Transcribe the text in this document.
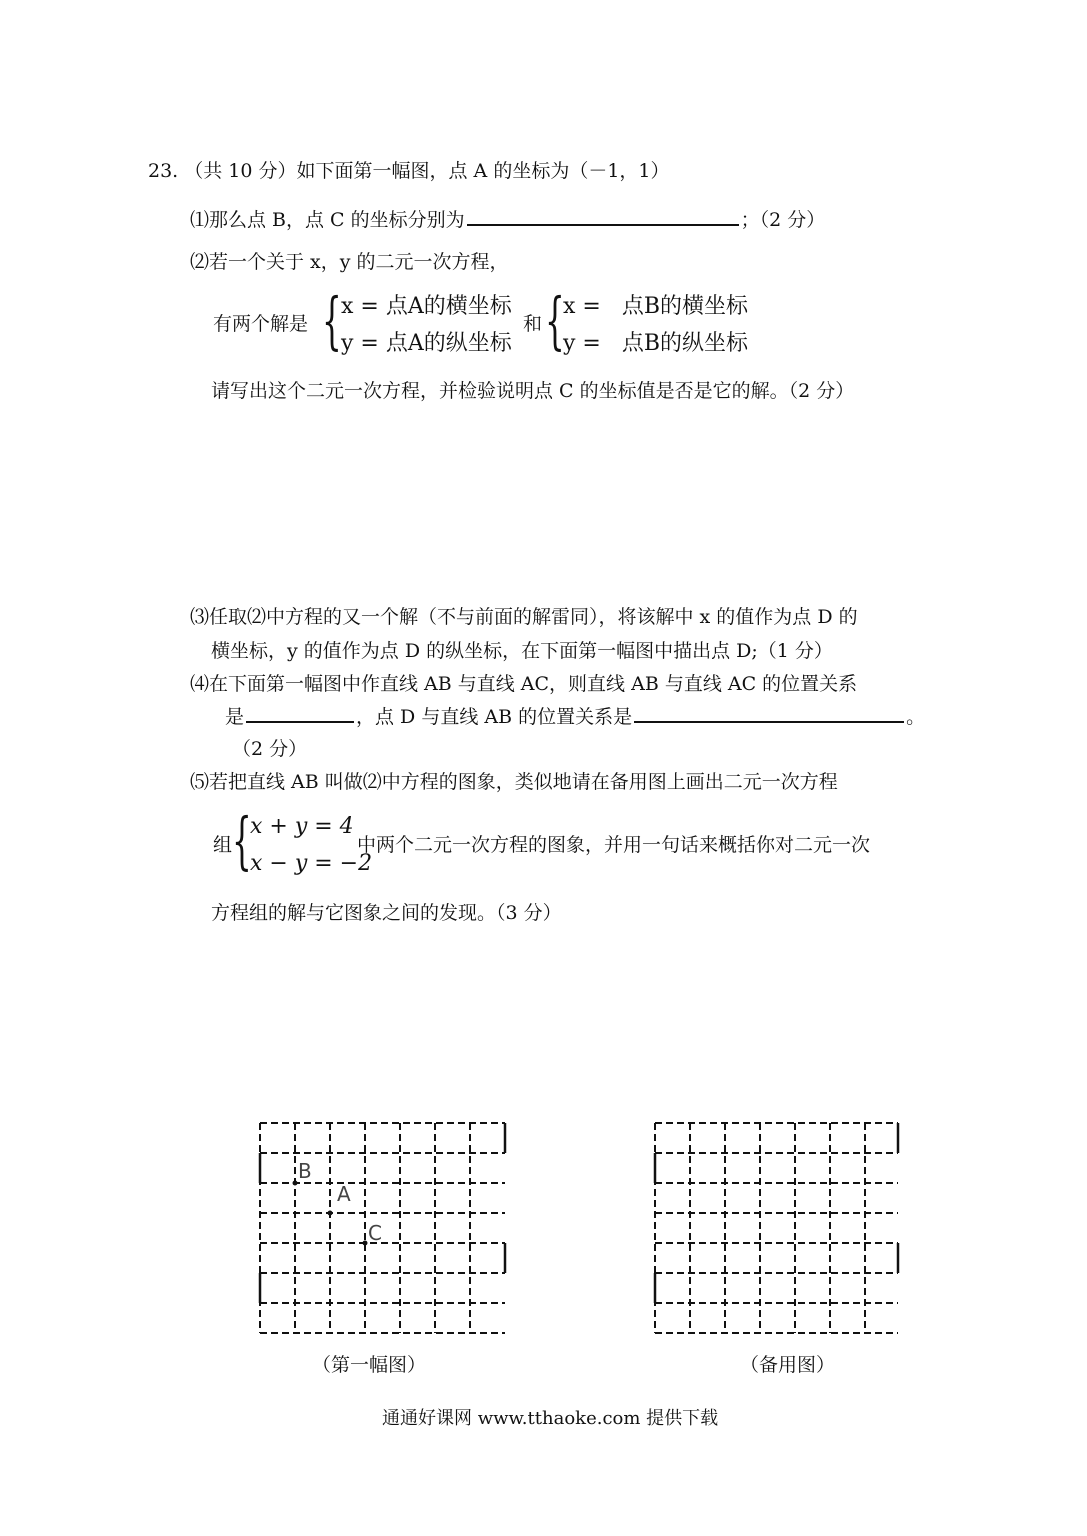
23. （共 10 分）如下面第一幅图，点 A 的坐标为（－1，1）
⑴那么点 B，点 C 的坐标分别为	；（2 分）
⑵若一个关于 x，y 的二元一次方程，
有两个解是 { x = 点A的横坐标
y = 点A的纵坐标
和 {
x =   点B的横坐标
y =   点B的纵坐标
请写出这个二元一次方程，并检验说明点 C 的坐标值是否是它的解。（2 分）
⑶任取⑵中方程的又一个解（不与前面的解雷同），将该解中 x 的值作为点 D 的
横坐标，y 的值作为点 D 的纵坐标，在下面第一幅图中描出点 D;（1 分）
⑷在下面第一幅图中作直线 AB 与直线 AC，则直线 AB 与直线 AC 的位置关系
是	，点 D 与直线 AB 的位置关系是	。
（2 分）
⑸若把直线 AB 叫做⑵中方程的图象，类似地请在备用图上画出二元一次方程
组 {
x + y = 4
x − y = −2
中两个二元一次方程的图象，并用一句话来概括你对二元一次
方程组的解与它图象之间的发现。（3 分）
B
A
C
（第一幅图）	（备用图）
通通好课网 www.tthaoke.com 提供下载
